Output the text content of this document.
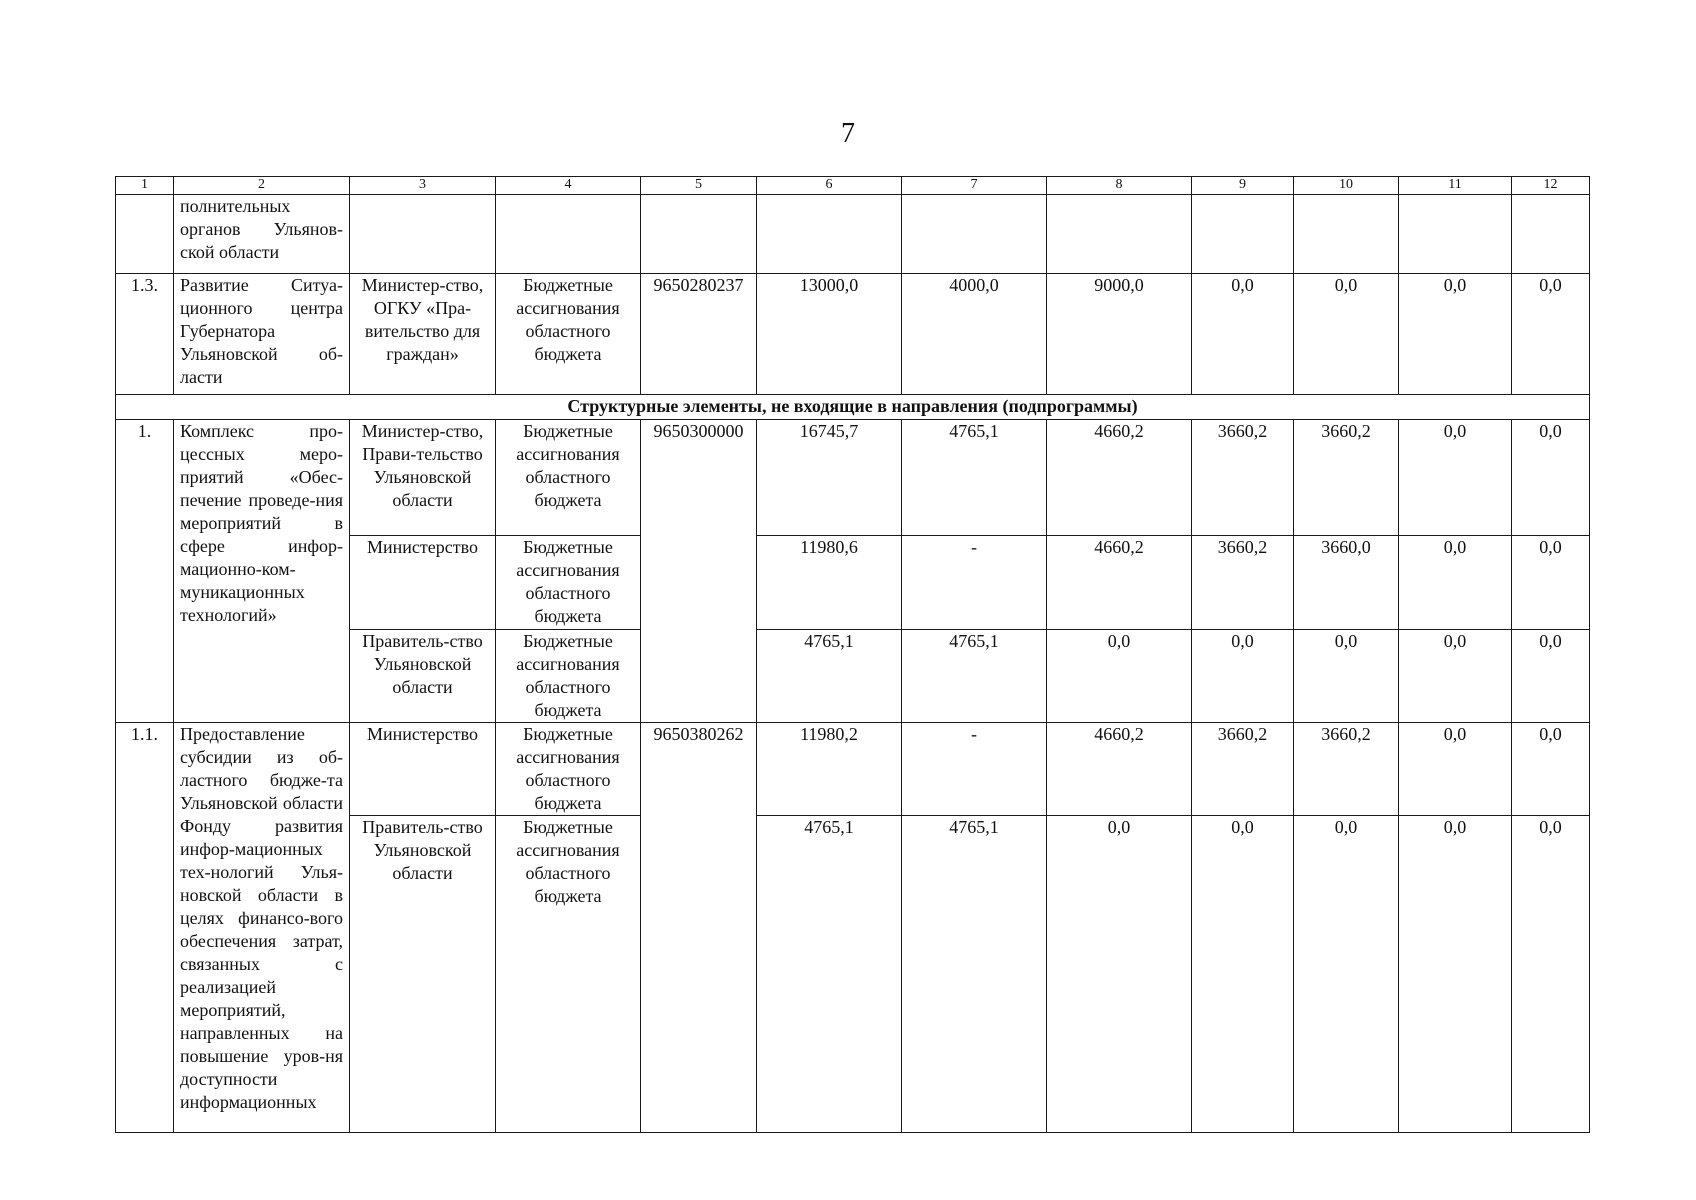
7
1	2	3	4	5	6	7	8	9	10	11	12
	полнительных органов Ульянов-ской области										
1.3.	Развитие Ситуа-ционного центра Губернатора Ульяновской об-ласти	Министер-ство, ОГКУ «Пра-вительство для граждан»	Бюджетные ассигнования областного бюджета	9650280237	13000,0	4000,0	9000,0	0,0	0,0	0,0	0,0
Структурные элементы, не входящие в направления (подпрограммы)											
1.	Комплекс про-цессных меро-приятий «Обес-печение проведе-ния мероприятий в сфере инфор-мационно-ком-муникационных технологий»	Министер-ство, Прави-тельство Ульяновской области	Бюджетные ассигнования областного бюджета	9650300000	16745,7	4765,1	4660,2	3660,2	3660,2	0,0	0,0
		Министерство	Бюджетные ассигнования областного бюджета		11980,6	-	4660,2	3660,2	3660,0	0,0	0,0
		Правитель-ство Ульяновской области	Бюджетные ассигнования областного бюджета		4765,1	4765,1	0,0	0,0	0,0	0,0	0,0
1.1.	Предоставление субсидии из об-ластного бюдже-та Ульяновской области Фонду развития инфор-мационных тех-нологий Улья-новской области в целях финансо-вого обеспечения затрат, связанных с реализацией мероприятий, направленных на повышение уров-ня доступности информационных	Министерство	Бюджетные ассигнования областного бюджета	9650380262	11980,2	-	4660,2	3660,2	3660,2	0,0	0,0
		Правитель-ство Ульяновской области	Бюджетные ассигнования областного бюджета		4765,1	4765,1	0,0	0,0	0,0	0,0	0,0
